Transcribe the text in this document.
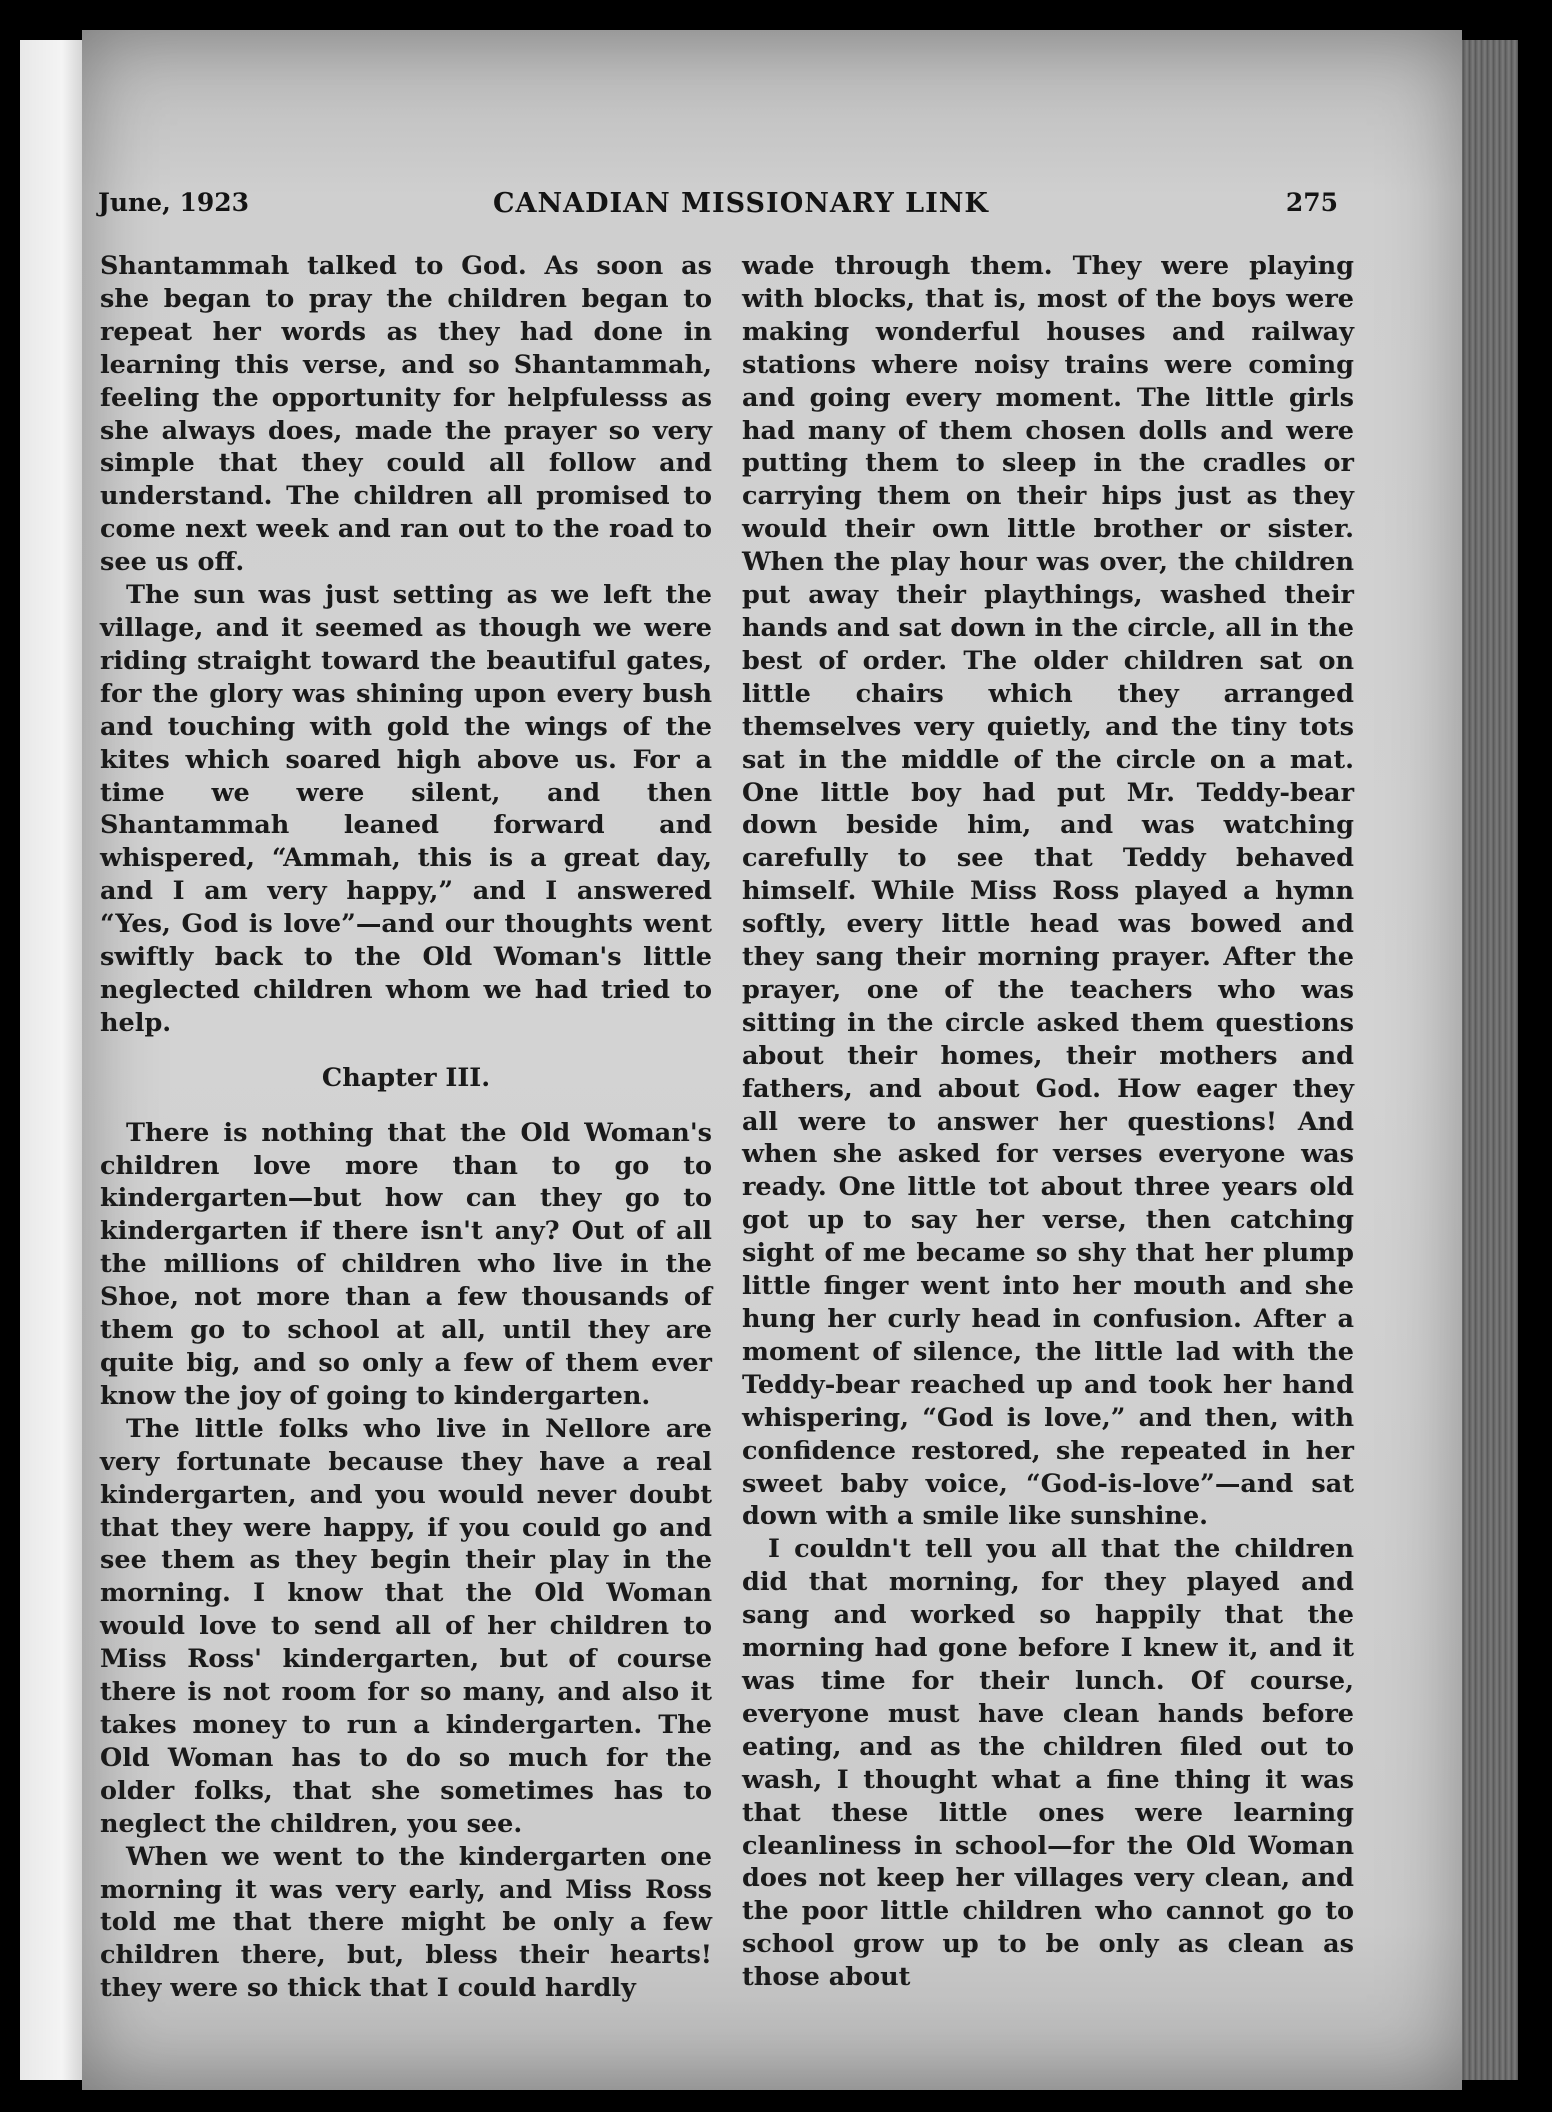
June, 1923	CANADIAN MISSIONARY LINK	275

Shantammah talked to God. As soon as she began to pray the children began to repeat her words as they had done in learning this verse, and so Shantammah, feeling the opportunity for helpfulesss as she always does, made the prayer so very simple that they could all follow and understand. The children all promised to come next week and ran out to the road to see us off.

The sun was just setting as we left the village, and it seemed as though we were riding straight toward the beautiful gates, for the glory was shining upon every bush and touching with gold the wings of the kites which soared high above us. For a time we were silent, and then Shantammah leaned forward and whispered, “Ammah, this is a great day, and I am very happy,” and I answered “Yes, God is love”—and our thoughts went swiftly back to the Old Woman's little neglected children whom we had tried to help.

Chapter III.

There is nothing that the Old Woman's children love more than to go to kindergarten—but how can they go to kindergarten if there isn't any? Out of all the millions of children who live in the Shoe, not more than a few thousands of them go to school at all, until they are quite big, and so only a few of them ever know the joy of going to kindergarten.

The little folks who live in Nellore are very fortunate because they have a real kindergarten, and you would never doubt that they were happy, if you could go and see them as they begin their play in the morning. I know that the Old Woman would love to send all of her children to Miss Ross' kindergarten, but of course there is not room for so many, and also it takes money to run a kindergarten. The Old Woman has to do so much for the older folks, that she sometimes has to neglect the children, you see.

When we went to the kindergarten one morning it was very early, and Miss Ross told me that there might be only a few children there, but, bless their hearts! they were so thick that I could hardly

wade through them. They were playing with blocks, that is, most of the boys were making wonderful houses and railway stations where noisy trains were coming and going every moment. The little girls had many of them chosen dolls and were putting them to sleep in the cradles or carrying them on their hips just as they would their own little brother or sister. When the play hour was over, the children put away their playthings, washed their hands and sat down in the circle, all in the best of order. The older children sat on little chairs which they arranged themselves very quietly, and the tiny tots sat in the middle of the circle on a mat. One little boy had put Mr. Teddy-bear down beside him, and was watching carefully to see that Teddy behaved himself. While Miss Ross played a hymn softly, every little head was bowed and they sang their morning prayer. After the prayer, one of the teachers who was sitting in the circle asked them questions about their homes, their mothers and fathers, and about God. How eager they all were to answer her questions! And when she asked for verses everyone was ready. One little tot about three years old got up to say her verse, then catching sight of me became so shy that her plump little finger went into her mouth and she hung her curly head in confusion. After a moment of silence, the little lad with the Teddy-bear reached up and took her hand whispering, “God is love,” and then, with confidence restored, she repeated in her sweet baby voice, “God-is-love”—and sat down with a smile like sunshine.

I couldn't tell you all that the children did that morning, for they played and sang and worked so happily that the morning had gone before I knew it, and it was time for their lunch. Of course, everyone must have clean hands before eating, and as the children filed out to wash, I thought what a fine thing it was that these little ones were learning cleanliness in school—for the Old Woman does not keep her villages very clean, and the poor little children who cannot go to school grow up to be only as clean as those about
